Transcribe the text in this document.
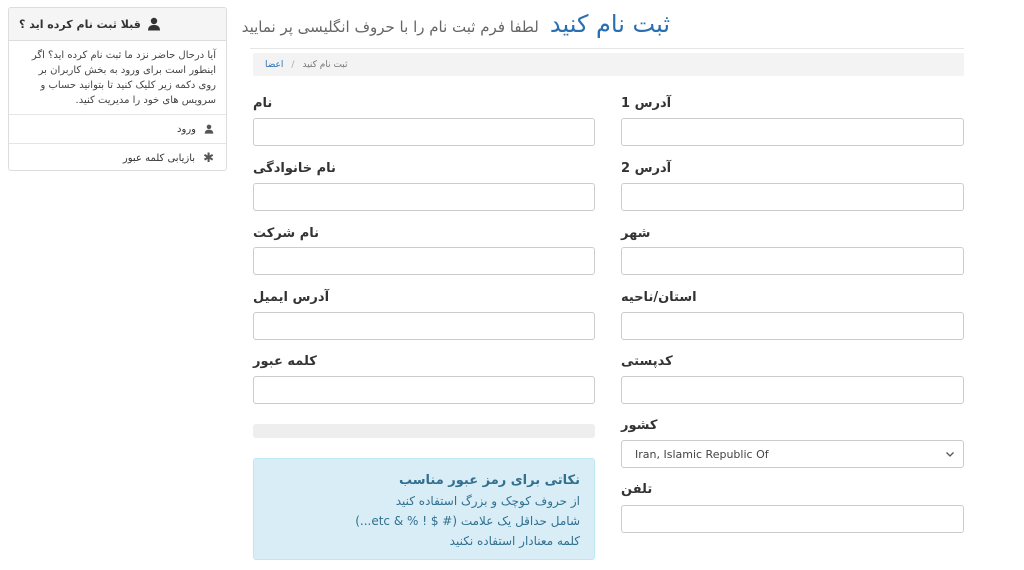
قبلا ثبت نام کرده اید ؟
آیا درحال حاضر نزد ما ثبت نام کرده اید؟ اگر اینطور است برای ورود به بخش کاربران بر روی دکمه زیر کلیک کنید تا بتوانید حساب و سرویس های خود را مدیریت کنید.
ورود
✱
بازیابی کلمه عبور
ثبت نام کنید لطفا فرم ثبت نام را با حروف انگلیسی پر نمایید
ثبت نام کنید
/
اعضا
نام
نام خانوادگی
نام شرکت
آدرس ایمیل
کلمه عبور
نکاتی برای رمز عبور مناسب
از حروف کوچک و بزرگ استفاده کنید
شامل حداقل یک علامت (# $ ! % & etc...)
کلمه معنادار استفاده نکنید
آدرس 1
آدرس 2
شهر
استان/ناحیه
کدپستی
کشور
Iran, Islamic Republic Of
تلفن
